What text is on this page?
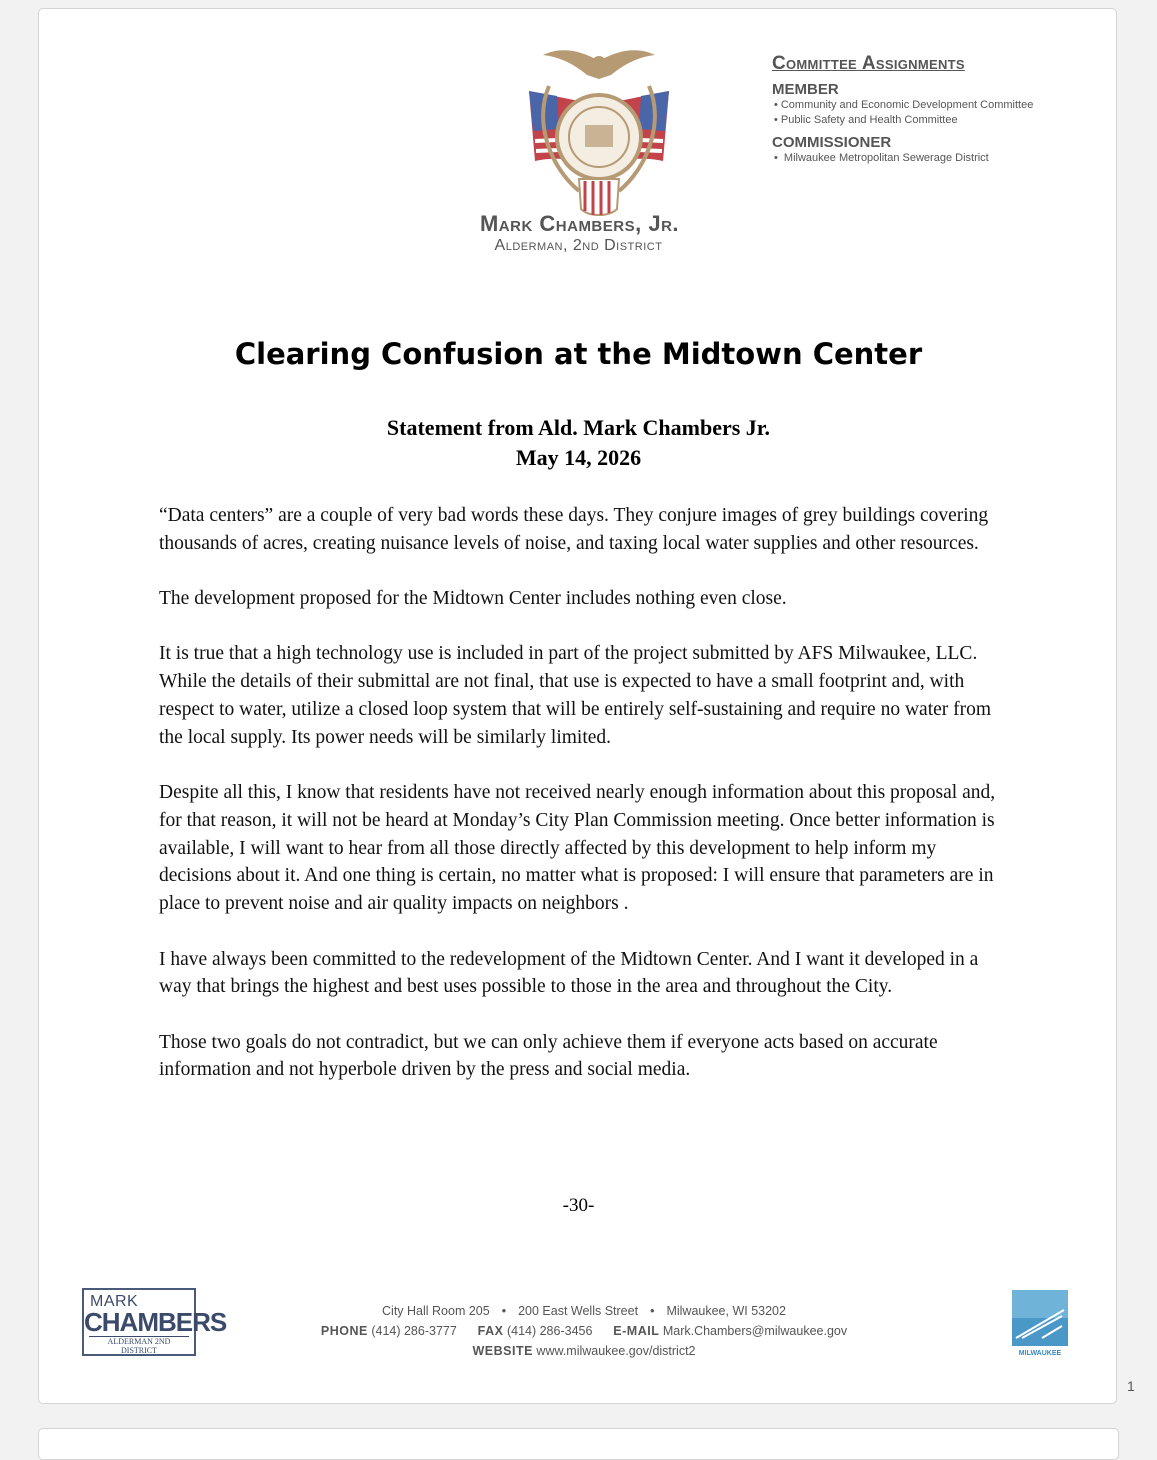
Mark Chambers, Jr.
Alderman, 2nd District
Committee Assignments
MEMBER
• Community and Economic Development Committee
• Public Safety and Health Committee
COMMISSIONER
• Milwaukee Metropolitan Sewerage District
Clearing Confusion at the Midtown Center
Statement from Ald. Mark Chambers Jr.
May 14, 2026

“Data centers” are a couple of very bad words these days. They conjure images of grey buildings covering thousands of acres, creating nuisance levels of noise, and taxing local water supplies and other resources.

The development proposed for the Midtown Center includes nothing even close.

It is true that a high technology use is included in part of the project submitted by AFS Milwaukee, LLC. While the details of their submittal are not final, that use is expected to have a small footprint and, with respect to water, utilize a closed loop system that will be entirely self-sustaining and require no water from the local supply. Its power needs will be similarly limited.

Despite all this, I know that residents have not received nearly enough information about this proposal and, for that reason, it will not be heard at Monday’s City Plan Commission meeting. Once better information is available, I will want to hear from all those directly affected by this development to help inform my decisions about it. And one thing is certain, no matter what is proposed: I will ensure that parameters are in place to prevent noise and air quality impacts on neighbors .

I have always been committed to the redevelopment of the Midtown Center. And I want it developed in a way that brings the highest and best uses possible to those in the area and throughout the City.

Those two goals do not contradict, but we can only achieve them if everyone acts based on accurate information and not hyperbole driven by the press and social media.

-30-
MARK
CHAMBERS
ALDERMAN 2ND DISTRICT
City Hall Room 205 • 200 East Wells Street • Milwaukee, WI 53202
PHONE (414) 286-3777 FAX (414) 286-3456 E-MAIL Mark.Chambers@milwaukee.gov
WEBSITE www.milwaukee.gov/district2	MILWAUKEE
1
